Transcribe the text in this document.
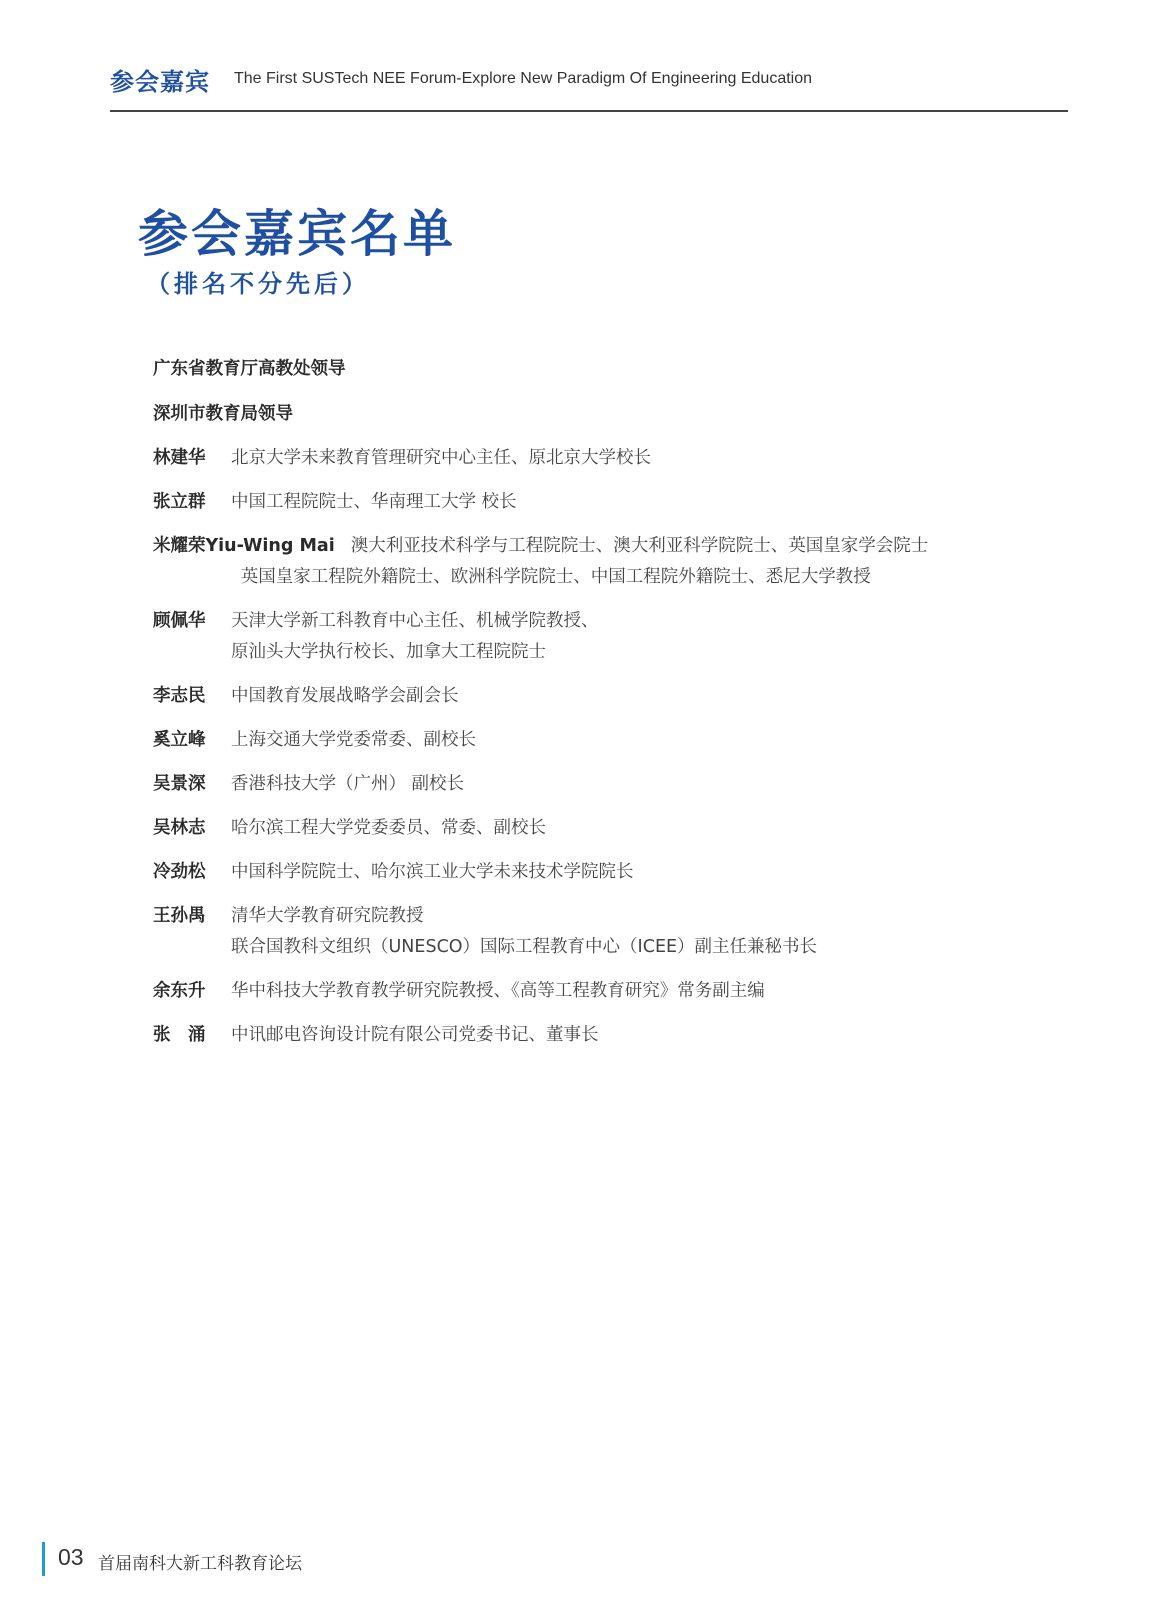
参会嘉宾 The First SUSTech NEE Forum-Explore New Paradigm Of Engineering Education
参会嘉宾名单
（排名不分先后）
广东省教育厅高教处领导
深圳市教育局领导
林建华	北京大学未来教育管理研究中心主任、原北京大学校长
张立群	中国工程院院士、华南理工大学 校长
米耀荣Yiu-Wing Mai 澳大利亚技术科学与工程院院士、澳大利亚科学院院士、英国皇家学会院士
英国皇家工程院外籍院士、欧洲科学院院士、中国工程院外籍院士、悉尼大学教授
顾佩华	天津大学新工科教育中心主任、机械学院教授、
原汕头大学执行校长、加拿大工程院院士
李志民	中国教育发展战略学会副会长
奚立峰	上海交通大学党委常委、副校长
吴景深	香港科技大学（广州） 副校长
吴林志	哈尔滨工程大学党委委员、常委、副校长
冷劲松	中国科学院院士、哈尔滨工业大学未来技术学院院长
王孙禺	清华大学教育研究院教授
联合国教科文组织（UNESCO）国际工程教育中心（ICEE）副主任兼秘书长
余东升	华中科技大学教育教学研究院教授、《高等工程教育研究》常务副主编
张　涌	中讯邮电咨询设计院有限公司党委书记、董事长
03 首届南科大新工科教育论坛
